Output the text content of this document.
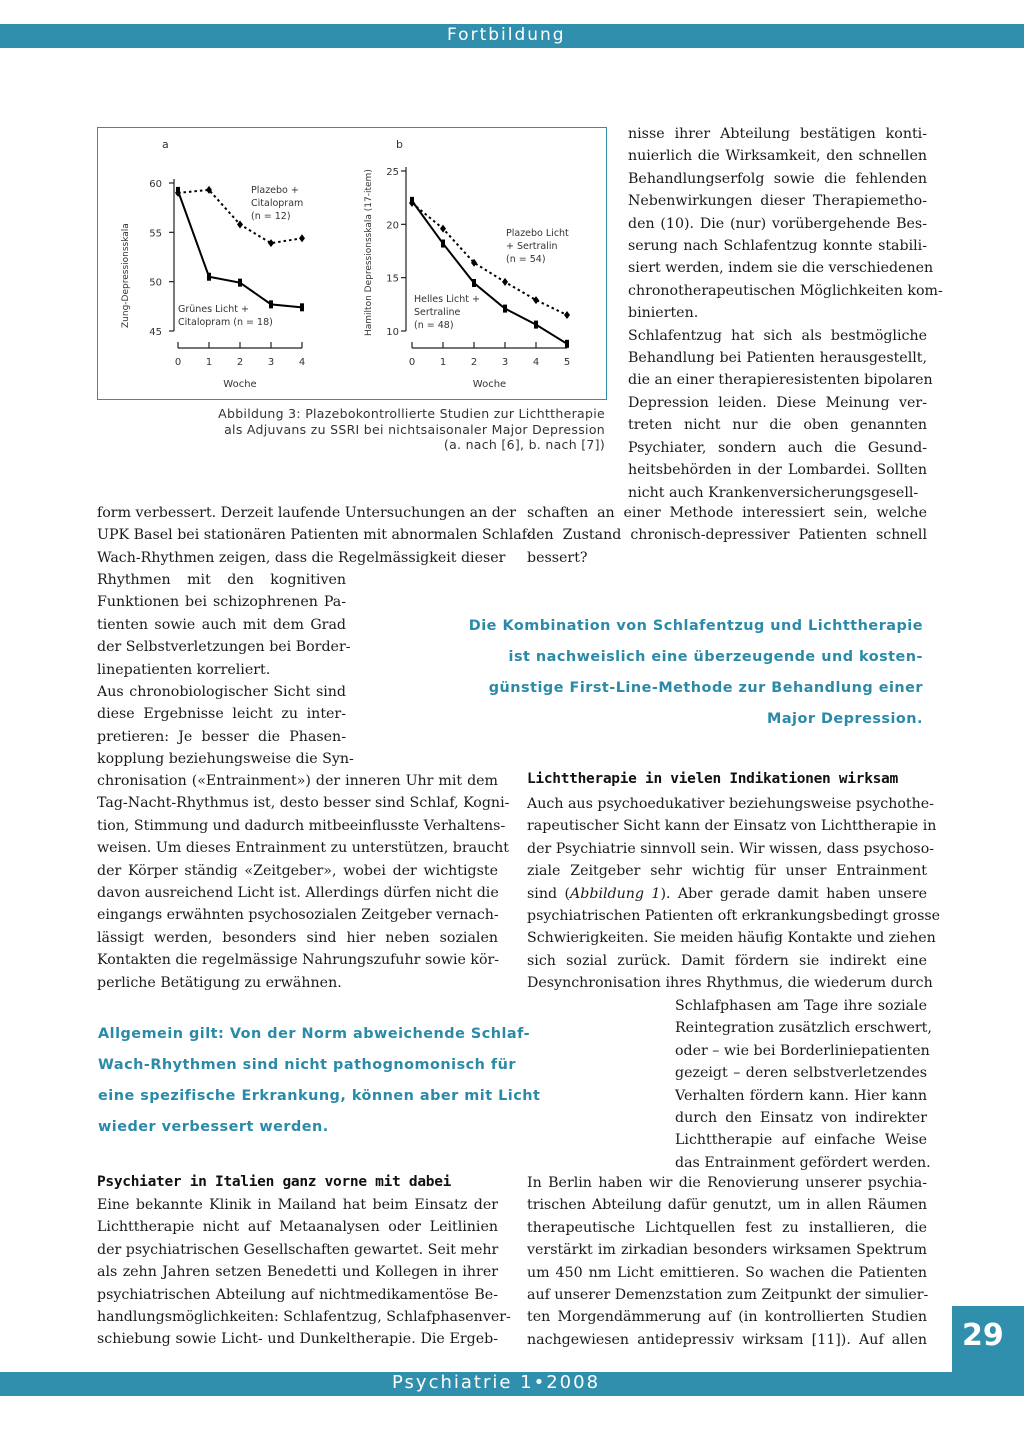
Fortbildung
Psychiatrie 1•2008
29
a
45
50
55
60
0 1 2 3 4
Woche
Zung-Depressionsskala
Plazebo +
Citalopram
(n = 12)
Grünes Licht +
Citalopram (n = 18)
b
10
15
20
25
0 1 2 3 4 5
Woche
Hamilton Depressionsskala (17-item)	Plazebo Licht
+ Sertralin
(n = 54)
Helles Licht +
Sertraline
(n = 48)
Abbildung 3: Plazebokontrollierte Studien zur Lichttherapie
als Adjuvans zu SSRI bei nichtsaisonaler Major Depression
(a. nach [6], b. nach [7])
nisse ihrer Abteilung bestätigen konti-
nuierlich die Wirksamkeit, den schnellen
Behandlungserfolg sowie die fehlenden
Nebenwirkungen dieser Therapiemetho-
den (10). Die (nur) vorübergehende Bes-
serung nach Schlafentzug konnte stabili-
siert werden, indem sie die verschiedenen
chronotherapeutischen Möglichkeiten kom-
binierten.
Schlafentzug hat sich als bestmögliche
Behandlung bei Patienten herausgestellt,
die an einer therapieresistenten bipolaren
Depression leiden. Diese Meinung ver-
treten nicht nur die oben genannten
Psychiater, sondern auch die Gesund-
heitsbehörden in der Lombardei. Sollten
nicht auch Krankenversicherungsgesell-
form verbessert. Derzeit laufende Untersuchungen an der
UPK Basel bei stationären Patienten mit abnormalen Schlaf-
Wach-Rhythmen zeigen, dass die Regelmässigkeit dieser
Rhythmen mit den kognitiven
Funktionen bei schizophrenen Pa-
tienten sowie auch mit dem Grad
der Selbstverletzungen bei Border-
linepatienten korreliert.
Aus chronobiologischer Sicht sind
diese Ergebnisse leicht zu inter-
pretieren: Je besser die Phasen-
kopplung beziehungsweise die Syn-
chronisation («Entrainment») der inneren Uhr mit dem
Tag-Nacht-Rhythmus ist, desto besser sind Schlaf, Kogni-
tion, Stimmung und dadurch mitbeeinflusste Verhaltens-
weisen. Um dieses Entrainment zu unterstützen, braucht
der Körper ständig «Zeitgeber», wobei der wichtigste
davon ausreichend Licht ist. Allerdings dürfen nicht die
eingangs erwähnten psychosozialen Zeitgeber vernach-
lässigt werden, besonders sind hier neben sozialen
Kontakten die regelmässige Nahrungszufuhr sowie kör-
perliche Betätigung zu erwähnen.
schaften an einer Methode interessiert sein, welche
den Zustand chronisch-depressiver Patienten schnell
bessert?
Die Kombination von Schlafentzug und Lichttherapie
ist nachweislich eine überzeugende und kosten-
günstige First-Line-Methode zur Behandlung einer
Major Depression.
Lichttherapie in vielen Indikationen wirksam
Auch aus psychoedukativer beziehungsweise psychothe-
rapeutischer Sicht kann der Einsatz von Lichttherapie in
der Psychiatrie sinnvoll sein. Wir wissen, dass psychoso-
ziale Zeitgeber sehr wichtig für unser Entrainment
sind (Abbildung 1). Aber gerade damit haben unsere
psychiatrischen Patienten oft erkrankungsbedingt grosse
Schwierigkeiten. Sie meiden häufig Kontakte und ziehen
sich sozial zurück. Damit fördern sie indirekt eine
Desynchronisation ihres Rhythmus, die wiederum durch
Schlafphasen am Tage ihre soziale
Reintegration zusätzlich erschwert,
oder – wie bei Borderliniepatienten
gezeigt – deren selbstverletzendes
Verhalten fördern kann. Hier kann
durch den Einsatz von indirekter
Lichttherapie auf einfache Weise
das Entrainment gefördert werden.
Allgemein gilt: Von der Norm abweichende Schlaf-
Wach-Rhythmen sind nicht pathognomonisch für
eine spezifische Erkrankung, können aber mit Licht
wieder verbessert werden.
Psychiater in Italien ganz vorne mit dabei
Eine bekannte Klinik in Mailand hat beim Einsatz der
Lichttherapie nicht auf Metaanalysen oder Leitlinien
der psychiatrischen Gesellschaften gewartet. Seit mehr
als zehn Jahren setzen Benedetti und Kollegen in ihrer
psychiatrischen Abteilung auf nichtmedikamentöse Be-
handlungsmöglichkeiten: Schlafentzug, Schlafphasenver-
schiebung sowie Licht- und Dunkeltherapie. Die Ergeb-
In Berlin haben wir die Renovierung unserer psychia-
trischen Abteilung dafür genutzt, um in allen Räumen
therapeutische Lichtquellen fest zu installieren, die
verstärkt im zirkadian besonders wirksamen Spektrum
um 450 nm Licht emittieren. So wachen die Patienten
auf unserer Demenzstation zum Zeitpunkt der simulier-
ten Morgendämmerung auf (in kontrollierten Studien
nachgewiesen antidepressiv wirksam [11]). Auf allen
